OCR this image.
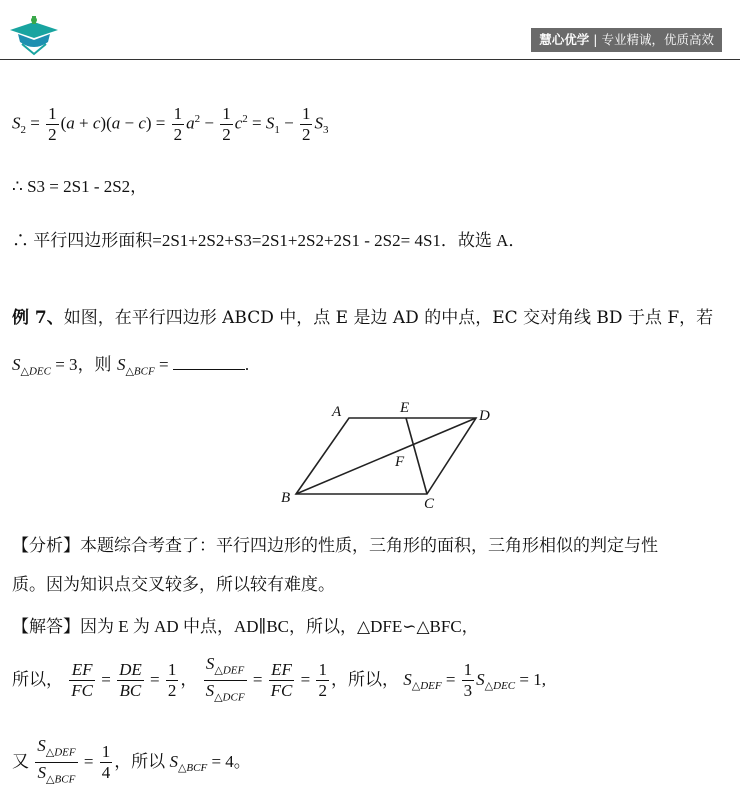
慧心优学 | 专业精诚，优质高效
$S_2 = \frac{1}{2} (a + c)(a - c) = \frac{1}{2} a^2 - \frac{1}{2} c^2 = S_1 - \frac{1}{2} S_3$
∴ S3 = 2S1 - 2S2，
∴ 平行四边形面积=2S1+2S2+S3=2S1+2S2+2S1 - 2S2= 4S1．故选 A．
例 7、如图，在平行四边形 ABCD 中，点 E 是边 AD 的中点，EC 交对角线 BD 于点 F，若
$S_{\triangle DEC} = 3$，则 $S_{\triangle BCF}$ =	.
A	E	D
F
B	C
【分析】本题综合考查了：平行四边形的性质，三角形的面积，三角形相似的判定与性
质。因为知识点交叉较多，所以较有难度。
【解答】因为 E 为 AD 中点，AD∥BC，所以，△DFE∽△BFC，
所以， $\frac{EF}{FC} = \frac{DE}{BC} = \frac{1}{2}$ ， $\frac{S_{\triangle DEF}}{S_{\triangle DCF}} = \frac{EF}{FC} = \frac{1}{2}$ ，所以， $S_{\triangle DEF} = \frac{1}{3} S_{\triangle DEC} = 1$,
又 $\frac{S_{\triangle DEF}}{S_{\triangle BCF}} = \frac{1}{4}$ ，所以 $S_{\triangle BCF} = 4$。
